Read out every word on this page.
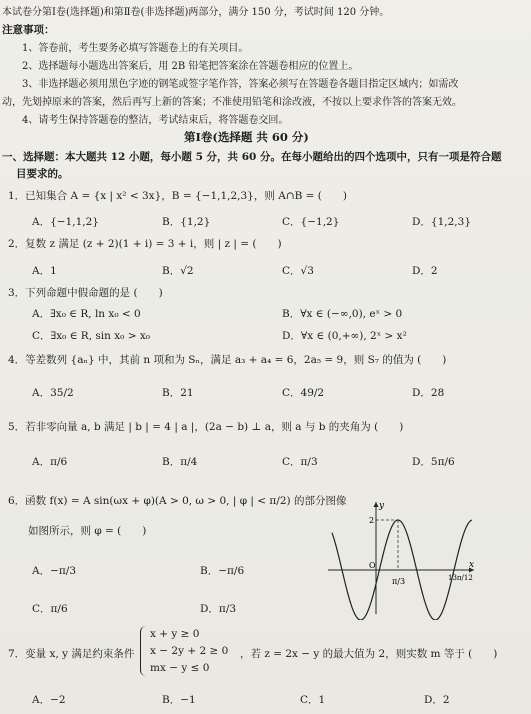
本试卷分第Ⅰ卷(选择题)和第Ⅱ卷(非选择题)两部分，满分 150 分，考试时间 120 分钟。
注意事项：
1、答卷前，考生要务必填写答题卷上的有关项目。
2、选择题每小题选出答案后，用 2B 铅笔把答案涂在答题卷相应的位置上。
3、非选择题必须用黑色字迹的钢笔或签字笔作答，答案必须写在答题卷各题目指定区域内；如需改
动，先划掉原来的答案，然后再写上新的答案；不准使用铅笔和涂改液，不按以上要求作答的答案无效。
4、请考生保持答题卷的整洁，考试结束后，将答题卷交回。
第Ⅰ卷(选择题 共 60 分)
一、选择题：本大题共 12 小题，每小题 5 分，共 60 分。在每小题给出的四个选项中，只有一项是符合题
目要求的。
1．已知集合 A = {x | x² < 3x}，B = {−1,1,2,3}，则 A∩B = (　　)
A．{−1,1,2}	B．{1,2}	C．{−1,2}	D．{1,2,3}
2．复数 z 满足 (z + 2)(1 + i) = 3 + i，则 | z | = (　　)
A．1	B．√2	C．√3	D．2
3．下列命题中假命题的是 (　　)
A．∃x₀ ∈ R, ln x₀ < 0	B．∀x ∈ (−∞,0), eˣ > 0
C．∃x₀ ∈ R, sin x₀ > x₀	D．∀x ∈ (0,+∞), 2ˣ > x²
4．等差数列 {aₙ} 中，其前 n 项和为 Sₙ，满足 a₃ + a₄ = 6，2a₅ = 9，则 S₇ 的值为 (　　)
A．35/2	B．21	C．49/2	D．28
5．若非零向量 a, b 满足 | b | = 4 | a |，(2a − b) ⊥ a，则 a 与 b 的夹角为 (　　)
A．π/6	B．π/4	C．π/3	D．5π/6
6．函数 f(x) = A sin(ωx + φ)(A > 0, ω > 0, | φ | < π/2) 的部分图像
如图所示，则 φ = (　　)
A．−π/3	B．−π/6
C．π/6	D．π/3
y
x
O
2
π/3	13π/12
7．变量 x, y 满足约束条件
x + y ≥ 0
x − 2y + 2 ≥ 0
mx − y ≤ 0
，若 z = 2x − y 的最大值为 2，则实数 m 等于 (　　)
A．−2	B．−1	C．1	D．2
